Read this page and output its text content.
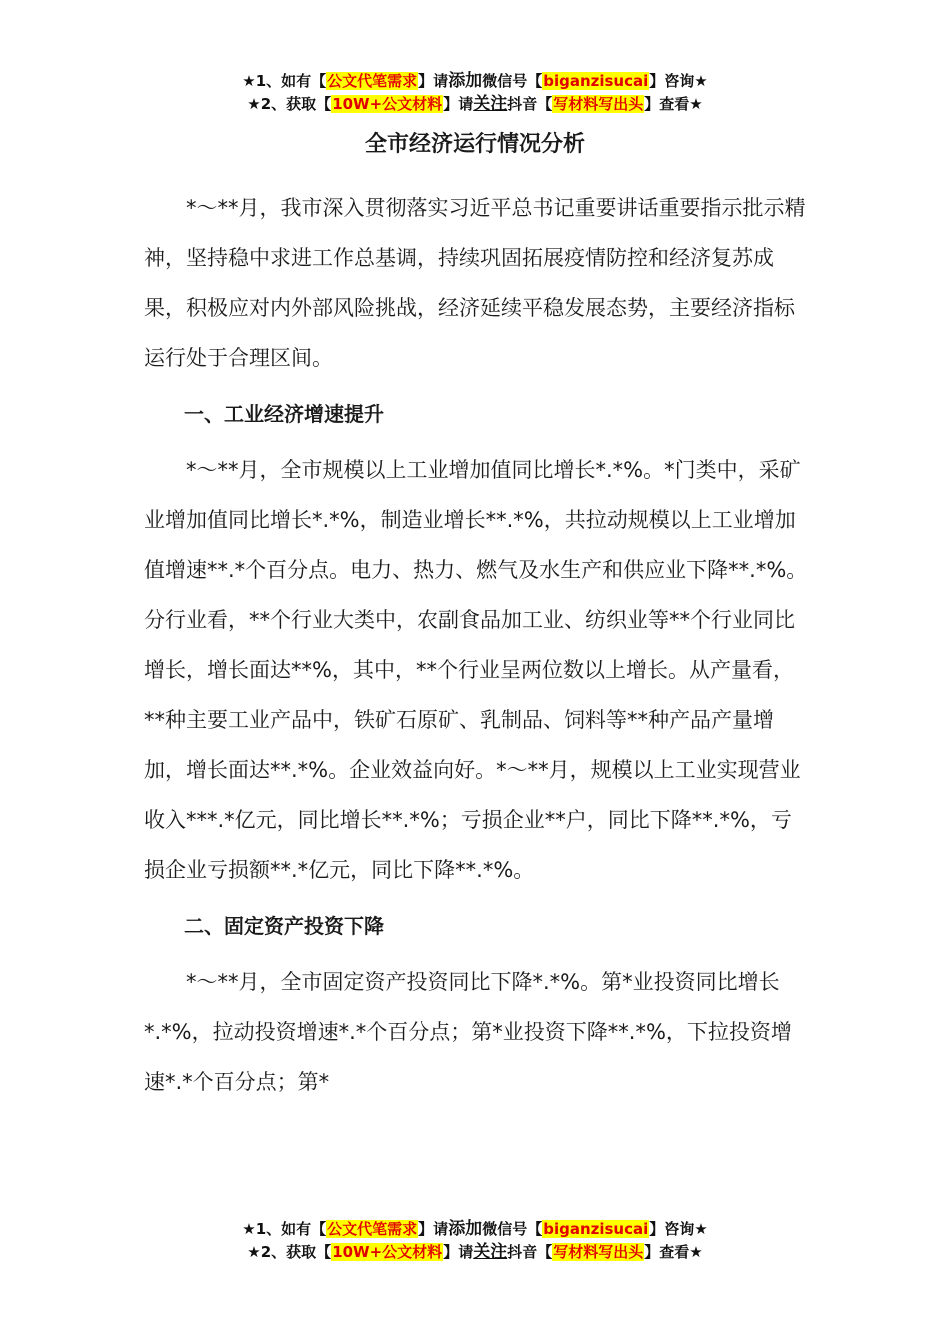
★1、如有【公文代笔需求】请添加微信号【biganzisucai】咨询★
★2、获取【10W+公文材料】请关注抖音【写材料写出头】查看★
全市经济运行情况分析

*～**月，我市深入贯彻落实习近平总书记重要讲话重要指示批示精神，坚持稳中求进工作总基调，持续巩固拓展疫情防控和经济复苏成果，积极应对内外部风险挑战，经济延续平稳发展态势，主要经济指标运行处于合理区间。

一、工业经济增速提升

*～**月，全市规模以上工业增加值同比增长*.*%。*门类中，采矿业增加值同比增长*.*%，制造业增长**.*%，共拉动规模以上工业增加值增速**.*个百分点。电力、热力、燃气及水生产和供应业下降**.*%。分行业看，**个行业大类中，农副食品加工业、纺织业等**个行业同比增长，增长面达**%，其中，**个行业呈两位数以上增长。从产量看，**种主要工业产品中，铁矿石原矿、乳制品、饲料等**种产品产量增加，增长面达**.*%。企业效益向好。*～**月，规模以上工业实现营业收入***.*亿元，同比增长**.*%；亏损企业**户，同比下降**.*%，亏损企业亏损额**.*亿元，同比下降**.*%。

二、固定资产投资下降

*～**月，全市固定资产投资同比下降*.*%。第*业投资同比增长*.*%，拉动投资增速*.*个百分点；第*业投资下降**.*%，下拉投资增速*.*个百分点；第*

★1、如有【公文代笔需求】请添加微信号【biganzisucai】咨询★
★2、获取【10W+公文材料】请关注抖音【写材料写出头】查看★
